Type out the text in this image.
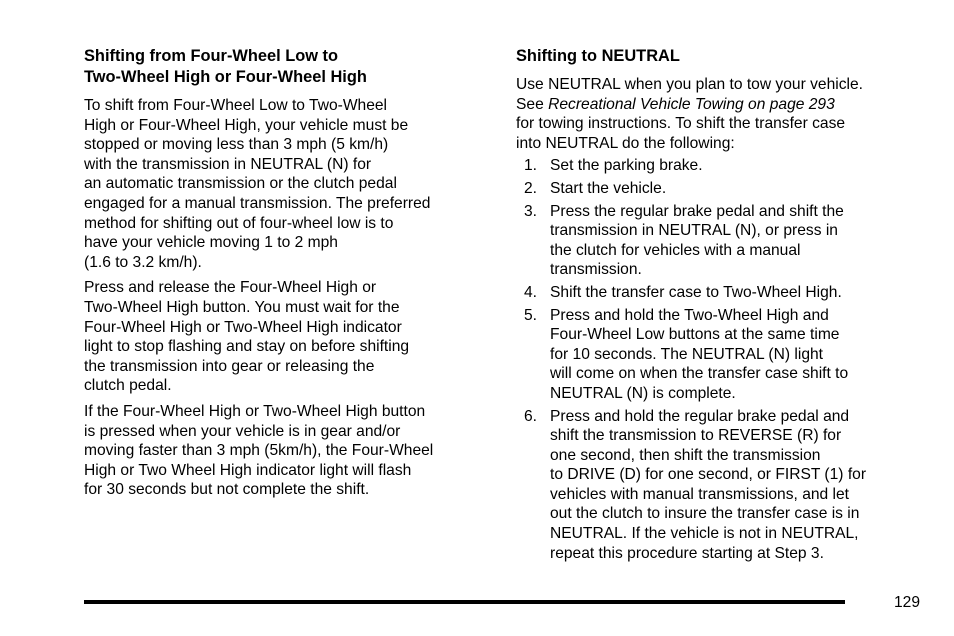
Shifting from Four-Wheel Low to
Two-Wheel High or Four-Wheel High

To shift from Four-Wheel Low to Two-Wheel
High or Four-Wheel High, your vehicle must be
stopped or moving less than 3 mph (5 km/h)
with the transmission in NEUTRAL (N) for
an automatic transmission or the clutch pedal
engaged for a manual transmission. The preferred
method for shifting out of four-wheel low is to
have your vehicle moving 1 to 2 mph
(1.6 to 3.2 km/h).

Press and release the Four-Wheel High or
Two-Wheel High button. You must wait for the
Four-Wheel High or Two-Wheel High indicator
light to stop flashing and stay on before shifting
the transmission into gear or releasing the
clutch pedal.

If the Four-Wheel High or Two-Wheel High button
is pressed when your vehicle is in gear and/or
moving faster than 3 mph (5km/h), the Four-Wheel
High or Two Wheel High indicator light will flash
for 30 seconds but not complete the shift.

Shifting to NEUTRAL

Use NEUTRAL when you plan to tow your vehicle.
See Recreational Vehicle Towing on page 293
for towing instructions. To shift the transfer case
into NEUTRAL do the following:

1. Set the parking brake.
2. Start the vehicle.
3. Press the regular brake pedal and shift the
transmission in NEUTRAL (N), or press in
the clutch for vehicles with a manual
transmission.
4. Shift the transfer case to Two-Wheel High.
5. Press and hold the Two-Wheel High and
Four-Wheel Low buttons at the same time
for 10 seconds. The NEUTRAL (N) light
will come on when the transfer case shift to
NEUTRAL (N) is complete.
6. Press and hold the regular brake pedal and
shift the transmission to REVERSE (R) for
one second, then shift the transmission
to DRIVE (D) for one second, or FIRST (1) for
vehicles with manual transmissions, and let
out the clutch to insure the transfer case is in
NEUTRAL. If the vehicle is not in NEUTRAL,
repeat this procedure starting at Step 3.
129
